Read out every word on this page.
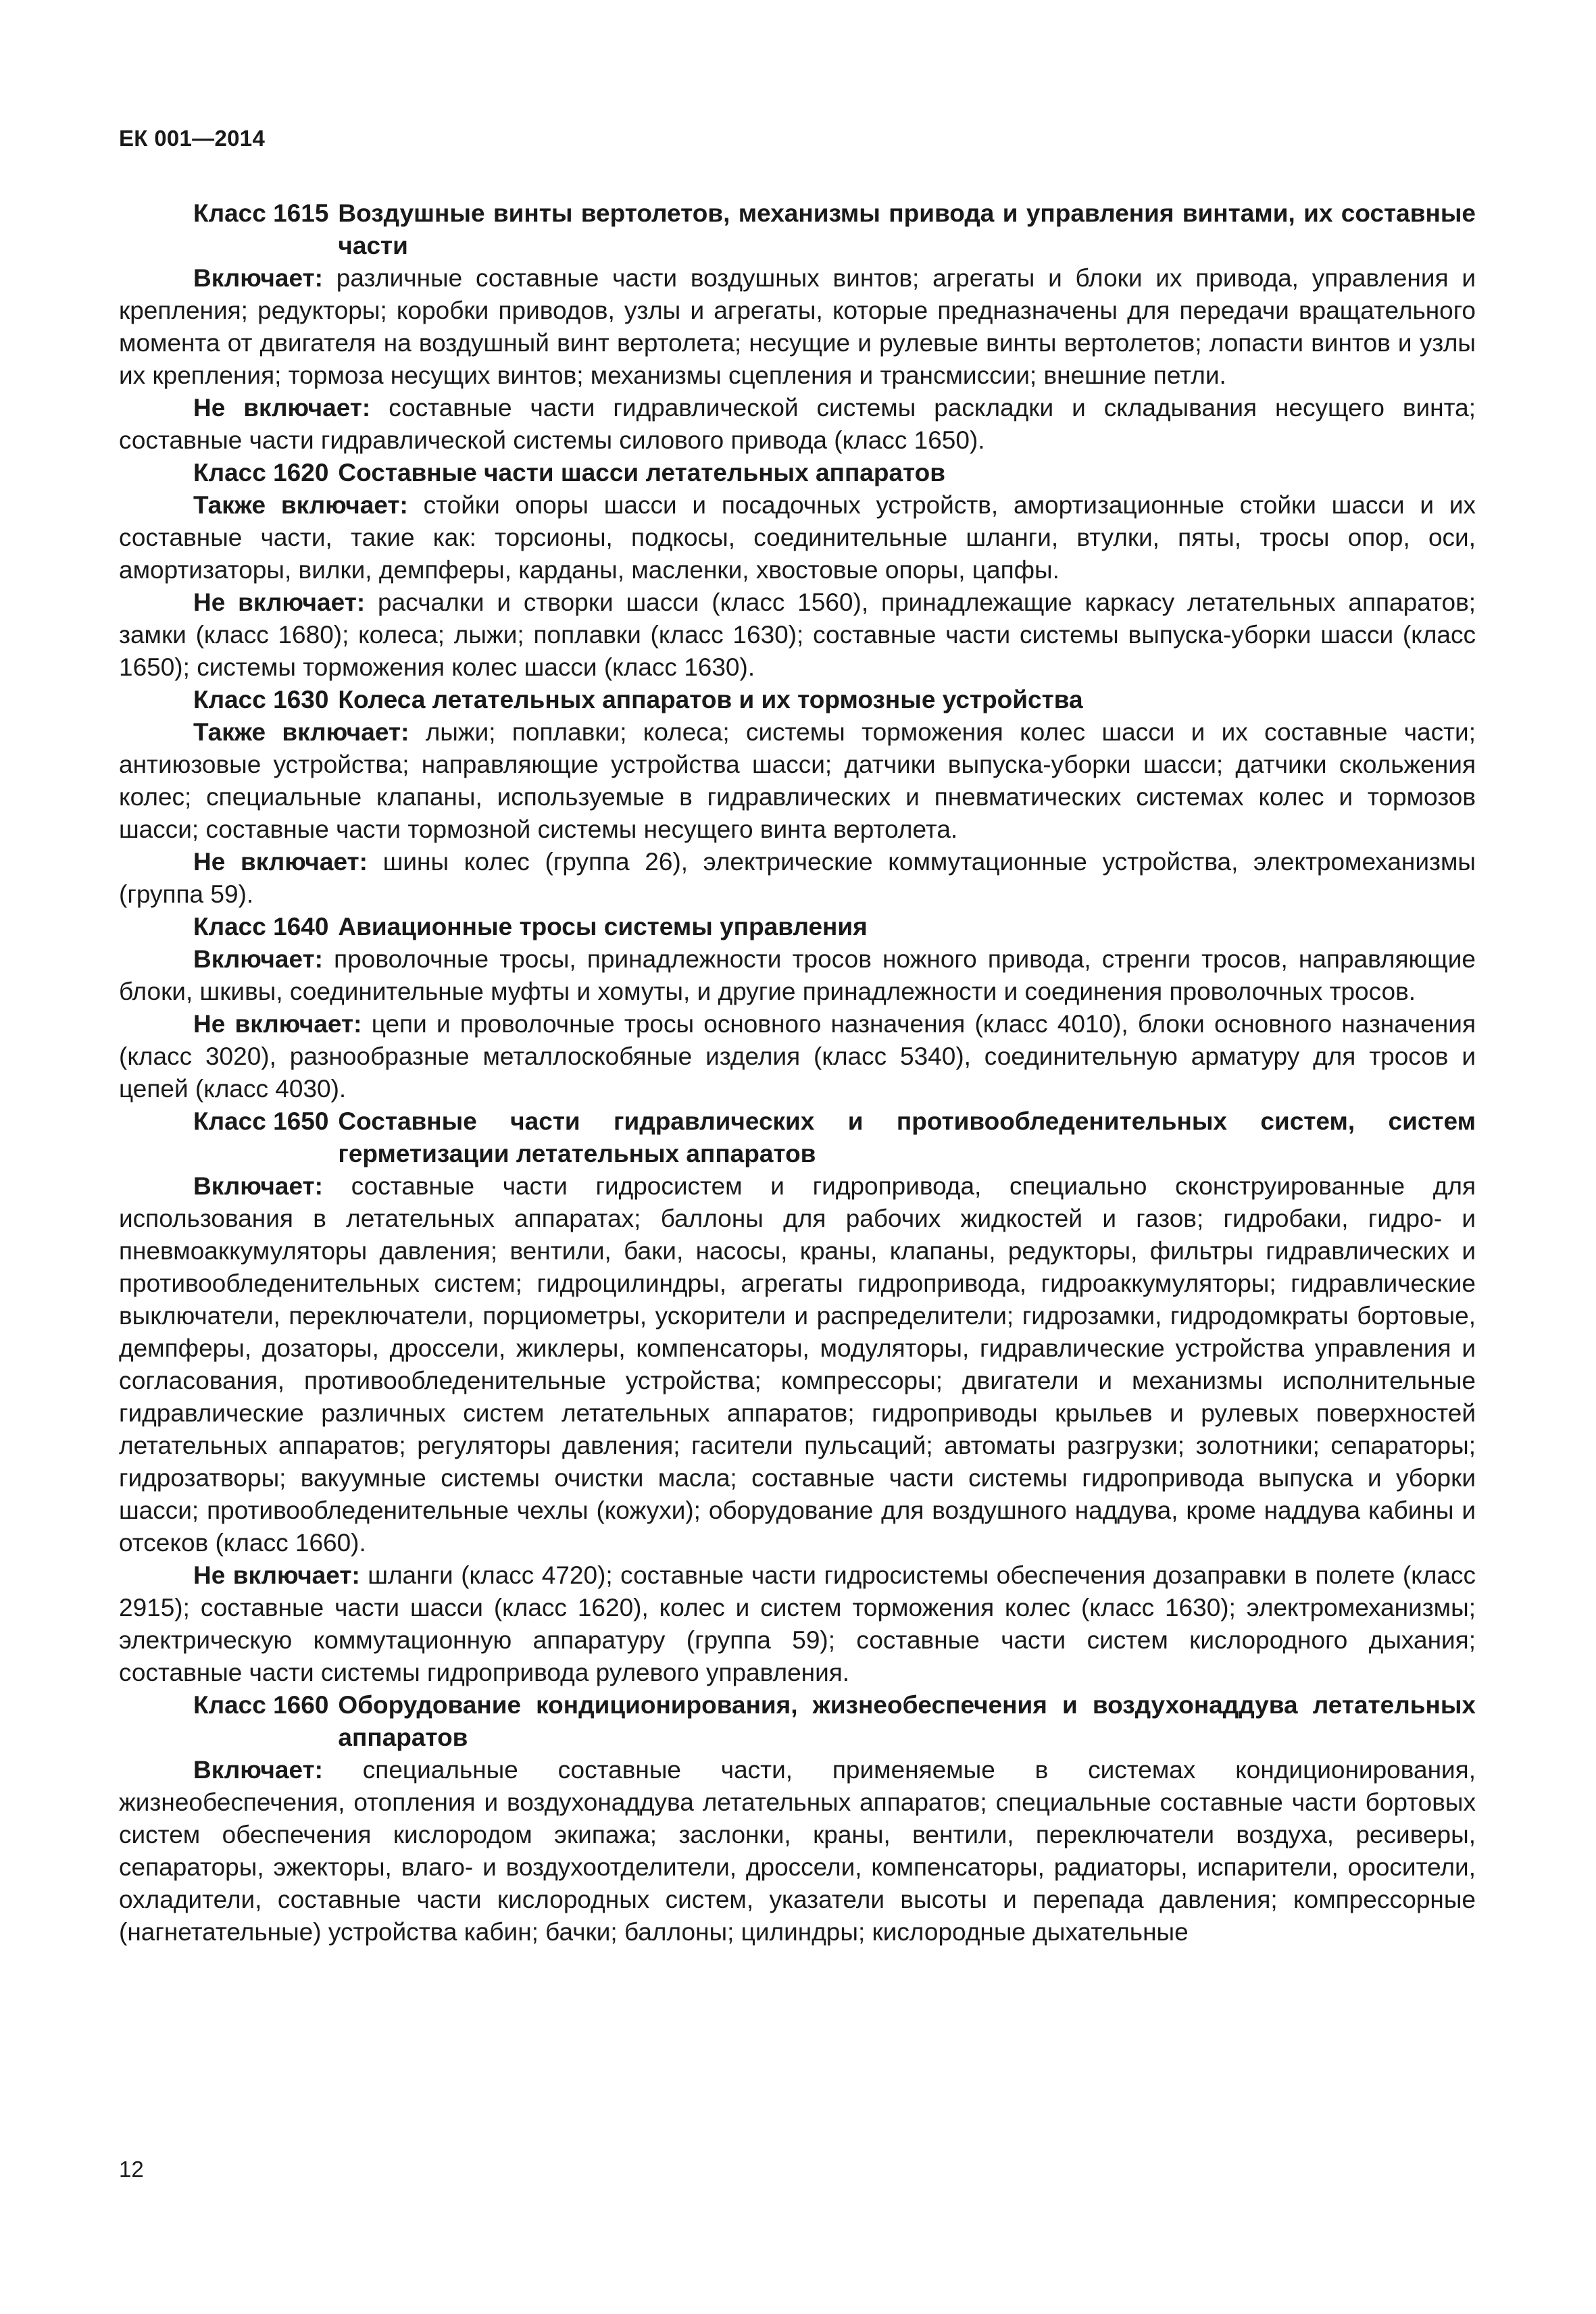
ЕК 001—2014
Класс 1615 Воздушные винты вертолетов, механизмы привода и управления винтами, их составные части
Включает: различные составные части воздушных винтов; агрегаты и блоки их привода, управления и крепления; редукторы; коробки приводов, узлы и агрегаты, которые предназначены для передачи вращательного момента от двигателя на воздушный винт вертолета; несущие и рулевые винты вертолетов; лопасти винтов и узлы их крепления; тормоза несущих винтов; механизмы сцепления и трансмиссии; внешние петли.
Не включает: составные части гидравлической системы раскладки и складывания несущего винта; составные части гидравлической системы силового привода (класс 1650).
Класс 1620 Составные части шасси летательных аппаратов
Также включает: стойки опоры шасси и посадочных устройств, амортизационные стойки шасси и их составные части, такие как: торсионы, подкосы, соединительные шланги, втулки, пяты, тросы опор, оси, амортизаторы, вилки, демпферы, карданы, масленки, хвостовые опоры, цапфы.
Не включает: расчалки и створки шасси (класс 1560), принадлежащие каркасу летательных аппаратов; замки (класс 1680); колеса; лыжи; поплавки (класс 1630); составные части системы выпуска-уборки шасси (класс 1650); системы торможения колес шасси (класс 1630).
Класс 1630 Колеса летательных аппаратов и их тормозные устройства
Также включает: лыжи; поплавки; колеса; системы торможения колес шасси и их составные части; антиюзовые устройства; направляющие устройства шасси; датчики выпуска-уборки шасси; датчики скольжения колес; специальные клапаны, используемые в гидравлических и пневматических системах колес и тормозов шасси; составные части тормозной системы несущего винта вертолета.
Не включает: шины колес (группа 26), электрические коммутационные устройства, электромеханизмы (группа 59).
Класс 1640 Авиационные тросы системы управления
Включает: проволочные тросы, принадлежности тросов ножного привода, стренги тросов, направляющие блоки, шкивы, соединительные муфты и хомуты, и другие принадлежности и соединения проволочных тросов.
Не включает: цепи и проволочные тросы основного назначения (класс 4010), блоки основного назначения (класс 3020), разнообразные металлоскобяные изделия (класс 5340), соединительную арматуру для тросов и цепей (класс 4030).
Класс 1650 Составные части гидравлических и противообледенительных систем, систем герметизации летательных аппаратов
Включает: составные части гидросистем и гидропривода, специально сконструированные для использования в летательных аппаратах; баллоны для рабочих жидкостей и газов; гидробаки, гидро- и пневмоаккумуляторы давления; вентили, баки, насосы, краны, клапаны, редукторы, фильтры гидравлических и противообледенительных систем; гидроцилиндры, агрегаты гидропривода, гидроаккумуляторы; гидравлические выключатели, переключатели, порциометры, ускорители и распределители; гидрозамки, гидродомкраты бортовые, демпферы, дозаторы, дроссели, жиклеры, компенсаторы, модуляторы, гидравлические устройства управления и согласования, противообледенительные устройства; компрессоры; двигатели и механизмы исполнительные гидравлические различных систем летательных аппаратов; гидроприводы крыльев и рулевых поверхностей летательных аппаратов; регуляторы давления; гасители пульсаций; автоматы разгрузки; золотники; сепараторы; гидрозатворы; вакуумные системы очистки масла; составные части системы гидропривода выпуска и уборки шасси; противообледенительные чехлы (кожухи); оборудование для воздушного наддува, кроме наддува кабины и отсеков (класс 1660).
Не включает: шланги (класс 4720); составные части гидросистемы обеспечения дозаправки в полете (класс 2915); составные части шасси (класс 1620), колес и систем торможения колес (класс 1630); электромеханизмы; электрическую коммутационную аппаратуру (группа 59); составные части систем кислородного дыхания; составные части системы гидропривода рулевого управления.
Класс 1660 Оборудование кондиционирования, жизнеобеспечения и воздухонаддува летательных аппаратов
Включает: специальные составные части, применяемые в системах кондиционирования, жизнеобеспечения, отопления и воздухонаддува летательных аппаратов; специальные составные части бортовых систем обеспечения кислородом экипажа; заслонки, краны, вентили, переключатели воздуха, ресиверы, сепараторы, эжекторы, влаго- и воздухоотделители, дроссели, компенсаторы, радиаторы, испарители, оросители, охладители, составные части кислородных систем, указатели высоты и перепада давления; компрессорные (нагнетательные) устройства кабин; бачки; баллоны; цилиндры; кислородные дыхательные
12
